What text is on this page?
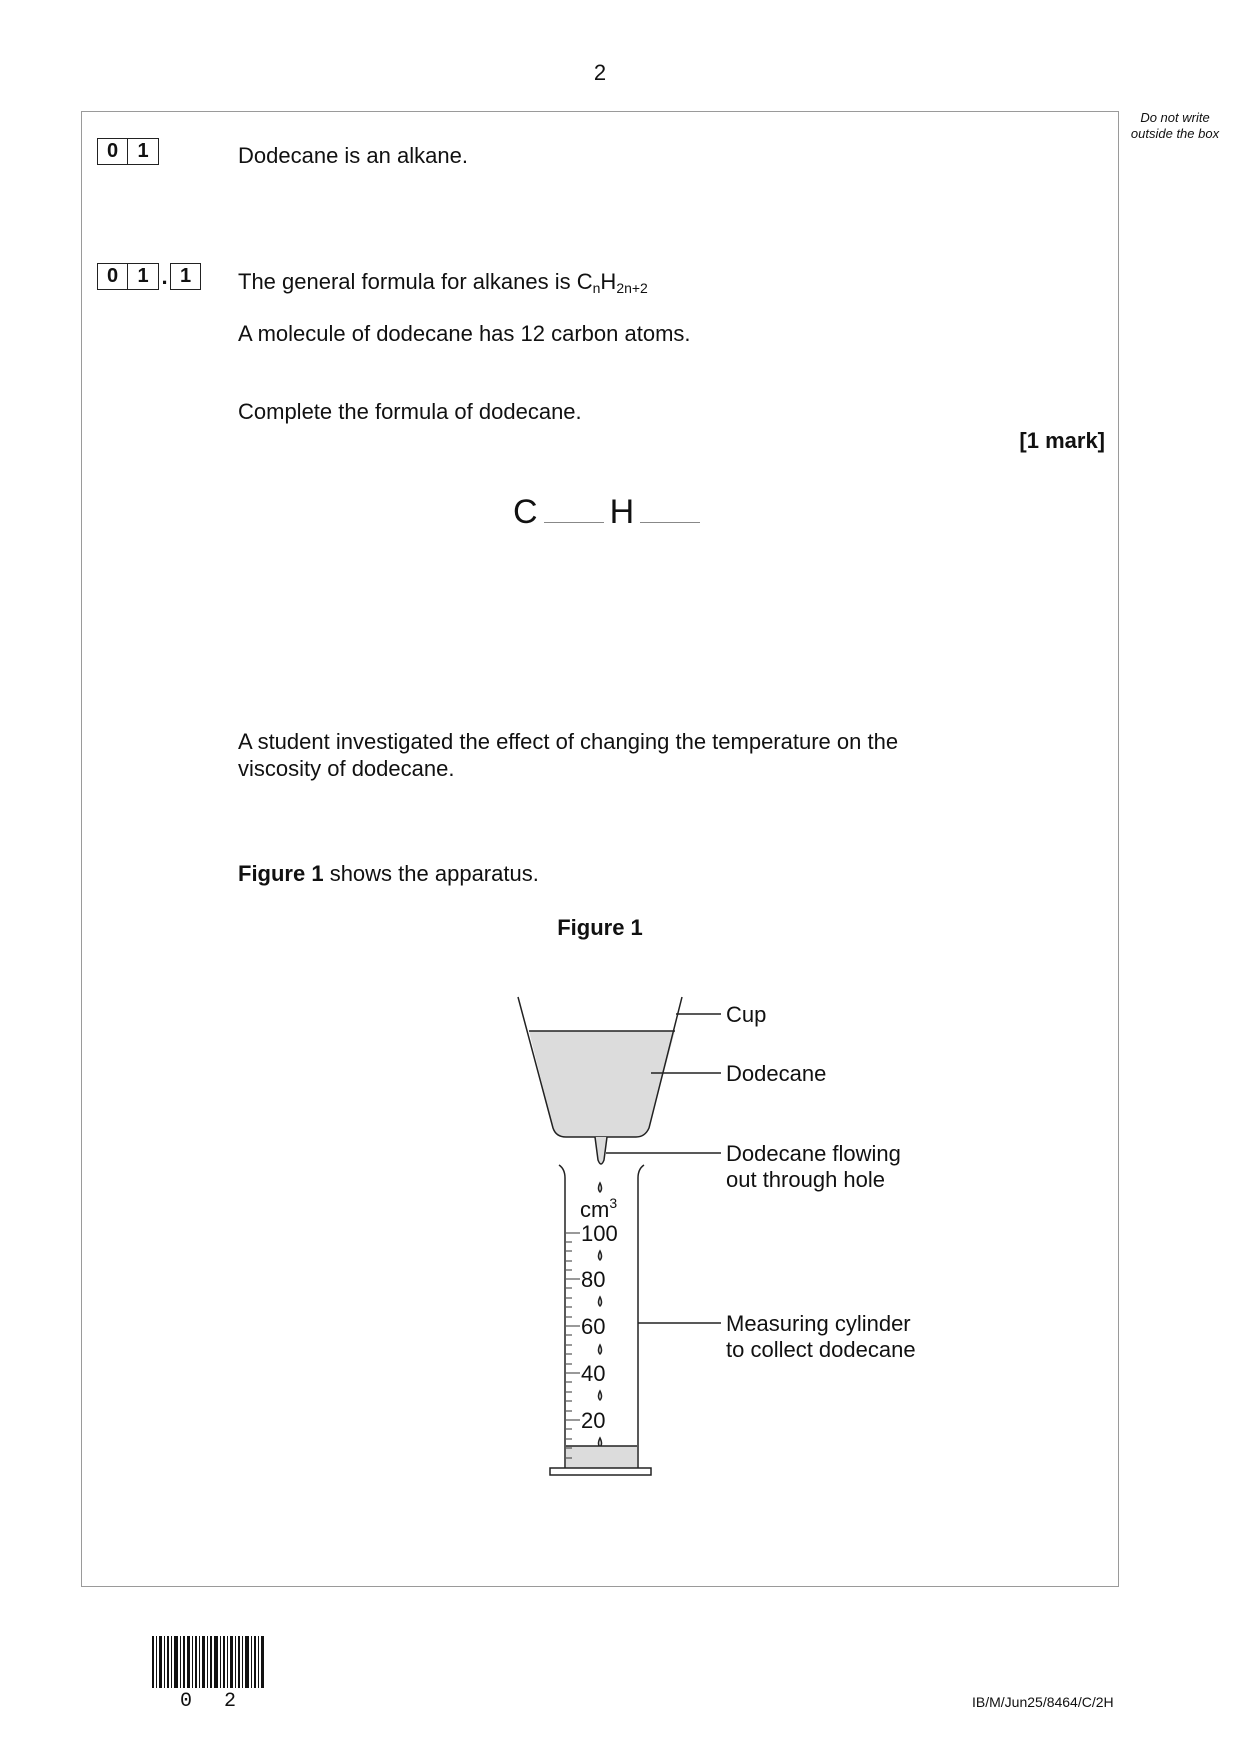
2
Do not write outside the box
0 1	Dodecane is an alkane.
0 1 . 1	The general formula for alkanes is $C_nH_{2n+2}$
A molecule of dodecane has 12 carbon atoms.
Complete the formula of dodecane.
[1 mark]
C H
A student investigated the effect of changing the temperature on the
viscosity of dodecane.
Figure 1 shows the apparatus.
Figure 1
$cm^3$
100
80
60
40
20
Cup
Dodecane
Dodecane flowing
out through hole
Measuring cylinder
to collect dodecane
0 2	IB/M/Jun25/8464/C/2H
